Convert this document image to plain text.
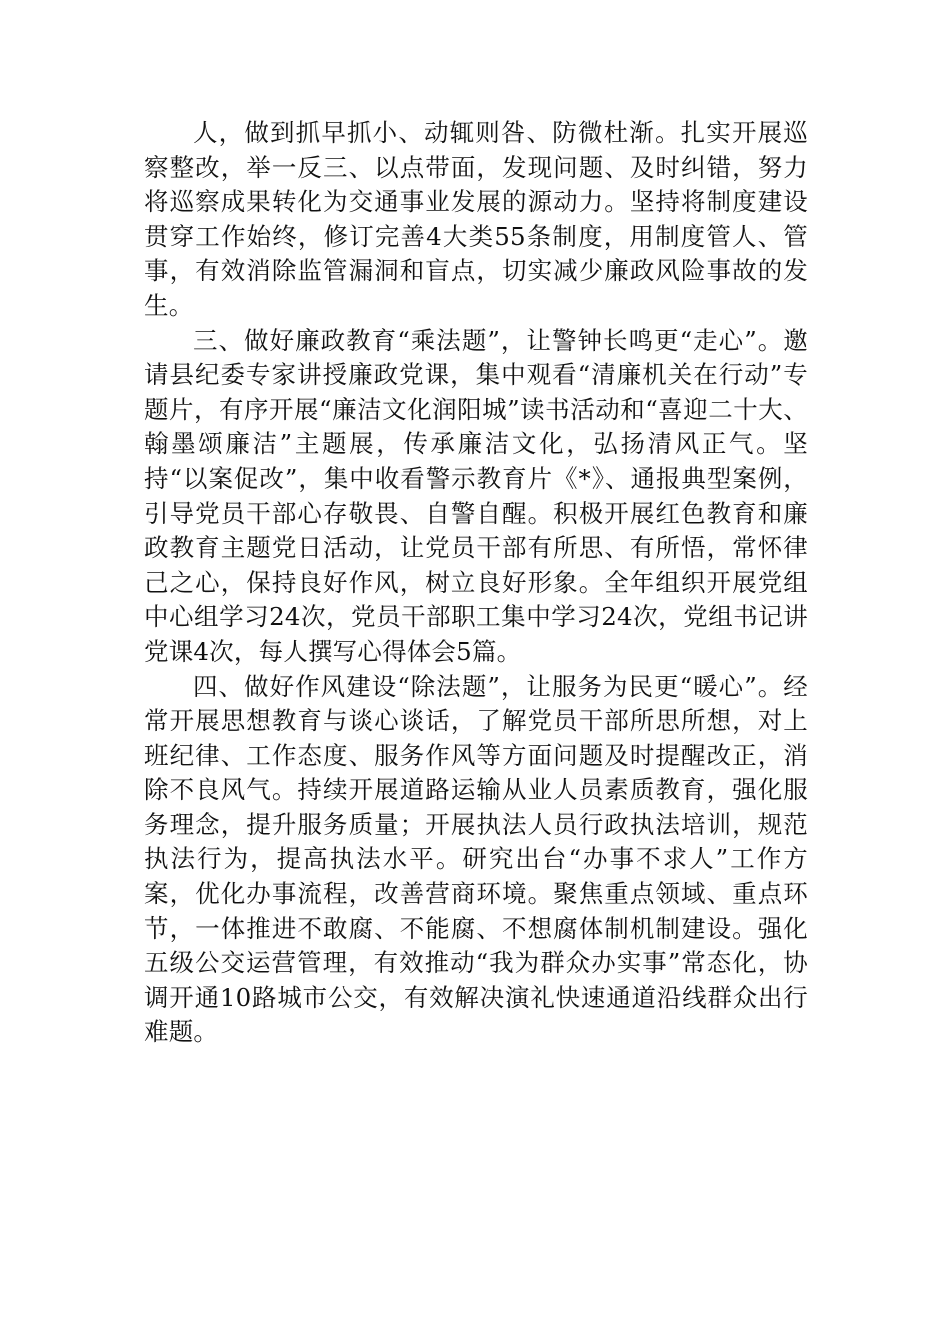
人，做到抓早抓小、动辄则咎、防微杜渐。扎实开展巡察整改，举一反三、以点带面，发现问题、及时纠错，努力将巡察成果转化为交通事业发展的源动力。坚持将制度建设贯穿工作始终，修订完善4大类55条制度，用制度管人、管事，有效消除监管漏洞和盲点，切实减少廉政风险事故的发生。

三、做好廉政教育“乘法题”，让警钟长鸣更“走心”。邀请县纪委专家讲授廉政党课，集中观看“清廉机关在行动”专题片，有序开展“廉洁文化润阳城”读书活动和“喜迎二十大、翰墨颂廉洁”主题展，传承廉洁文化，弘扬清风正气。坚持“以案促改”，集中收看警示教育片《*》、通报典型案例，引导党员干部心存敬畏、自警自醒。积极开展红色教育和廉政教育主题党日活动，让党员干部有所思、有所悟，常怀律己之心，保持良好作风，树立良好形象。全年组织开展党组中心组学习24次，党员干部职工集中学习24次，党组书记讲党课4次，每人撰写心得体会5篇。

四、做好作风建设“除法题”，让服务为民更“暖心”。经常开展思想教育与谈心谈话，了解党员干部所思所想，对上班纪律、工作态度、服务作风等方面问题及时提醒改正，消除不良风气。持续开展道路运输从业人员素质教育，强化服务理念，提升服务质量；开展执法人员行政执法培训，规范执法行为，提高执法水平。研究出台“办事不求人”工作方案，优化办事流程，改善营商环境。聚焦重点领域、重点环节，一体推进不敢腐、不能腐、不想腐体制机制建设。强化五级公交运营管理，有效推动“我为群众办实事”常态化，协调开通10路城市公交，有效解决演礼快速通道沿线群众出行难题。
